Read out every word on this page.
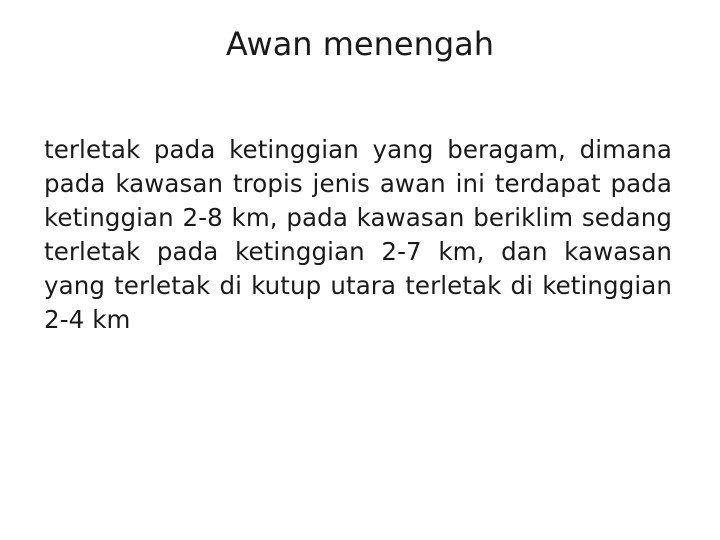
Awan menengah

terletak pada ketinggian yang beragam, dimana pada kawasan tropis jenis awan ini terdapat pada ketinggian 2-8 km, pada kawasan beriklim sedang terletak pada ketinggian 2-7 km, dan kawasan yang terletak di kutup utara terletak di ketinggian 2-4 km
